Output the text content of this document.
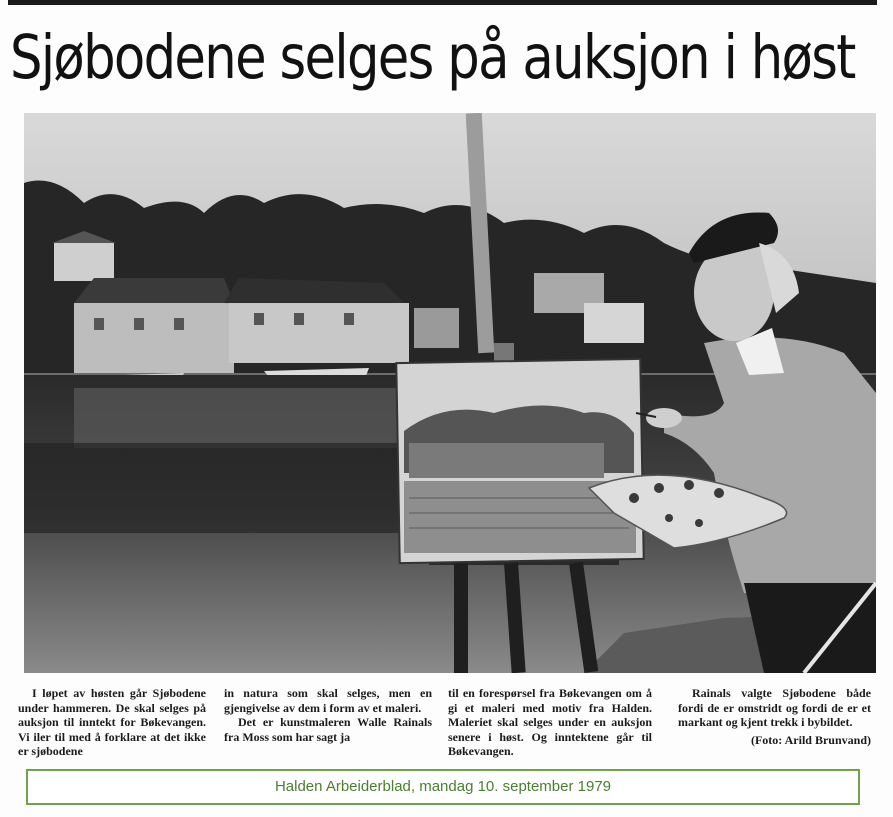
Sjøbodene selges på auksjon i høst

I løpet av høsten går Sjøbodene under hammeren. De skal selges på auksjon til inntekt for Bøkevangen. Vi iler til med å forklare at det ikke er sjøbodene

in natura som skal selges, men en gjengivelse av dem i form av et maleri.

Det er kunstmaleren Walle Rainals fra Moss som har sagt ja

til en forespørsel fra Bøkevangen om å gi et maleri med motiv fra Halden. Maleriet skal selges under en auksjon senere i høst. Og inntektene går til Bøkevangen.

Rainals valgte Sjøbodene både fordi de er omstridt og fordi de er et markant og kjent trekk i bybildet.

(Foto: Arild Brunvand)

Halden Arbeiderblad, mandag 10. september 1979
